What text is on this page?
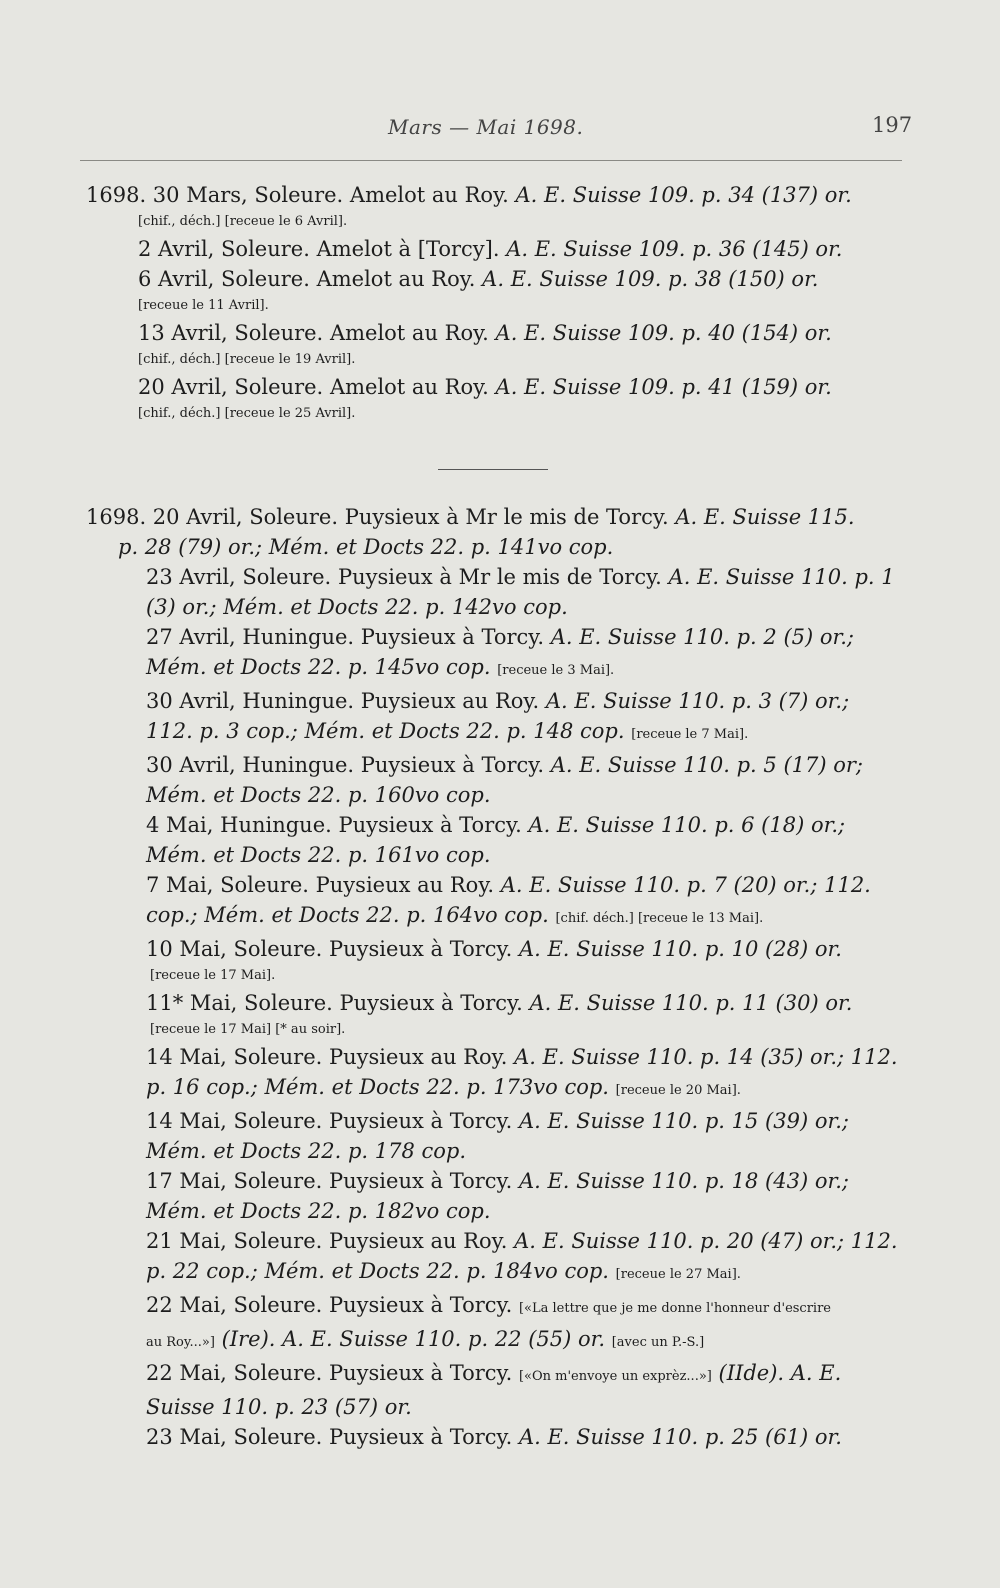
Mars — Mai 1698.	197
1698. 30 Mars, Soleure. Amelot au Roy. A. E. Suisse 109. p. 34 (137) or.
[chif., déch.] [receue le 6 Avril].
2 Avril, Soleure. Amelot à [Torcy]. A. E. Suisse 109. p. 36 (145) or.
6 Avril, Soleure. Amelot au Roy. A. E. Suisse 109. p. 38 (150) or.
[receue le 11 Avril].
13 Avril, Soleure. Amelot au Roy. A. E. Suisse 109. p. 40 (154) or.
[chif., déch.] [receue le 19 Avril].
20 Avril, Soleure. Amelot au Roy. A. E. Suisse 109. p. 41 (159) or.
[chif., déch.] [receue le 25 Avril].
1698. 20 Avril, Soleure. Puysieux à Mr le mis de Torcy. A. E. Suisse 115.
p. 28 (79) or.; Mém. et Docts 22. p. 141vo cop.
23 Avril, Soleure. Puysieux à Mr le mis de Torcy. A. E. Suisse 110. p. 1
(3) or.; Mém. et Docts 22. p. 142vo cop.
27 Avril, Huningue. Puysieux à Torcy. A. E. Suisse 110. p. 2 (5) or.;
Mém. et Docts 22. p. 145vo cop. [receue le 3 Mai].
30 Avril, Huningue. Puysieux au Roy. A. E. Suisse 110. p. 3 (7) or.;
112. p. 3 cop.; Mém. et Docts 22. p. 148 cop. [receue le 7 Mai].
30 Avril, Huningue. Puysieux à Torcy. A. E. Suisse 110. p. 5 (17) or;
Mém. et Docts 22. p. 160vo cop.
4 Mai, Huningue. Puysieux à Torcy. A. E. Suisse 110. p. 6 (18) or.;
Mém. et Docts 22. p. 161vo cop.
7 Mai, Soleure. Puysieux au Roy. A. E. Suisse 110. p. 7 (20) or.; 112.
cop.; Mém. et Docts 22. p. 164vo cop. [chif. déch.] [receue le 13 Mai].
10 Mai, Soleure. Puysieux à Torcy. A. E. Suisse 110. p. 10 (28) or.
[receue le 17 Mai].
11* Mai, Soleure. Puysieux à Torcy. A. E. Suisse 110. p. 11 (30) or.
[receue le 17 Mai] [* au soir].
14 Mai, Soleure. Puysieux au Roy. A. E. Suisse 110. p. 14 (35) or.; 112.
p. 16 cop.; Mém. et Docts 22. p. 173vo cop. [receue le 20 Mai].
14 Mai, Soleure. Puysieux à Torcy. A. E. Suisse 110. p. 15 (39) or.;
Mém. et Docts 22. p. 178 cop.
17 Mai, Soleure. Puysieux à Torcy. A. E. Suisse 110. p. 18 (43) or.;
Mém. et Docts 22. p. 182vo cop.
21 Mai, Soleure. Puysieux au Roy. A. E. Suisse 110. p. 20 (47) or.; 112.
p. 22 cop.; Mém. et Docts 22. p. 184vo cop. [receue le 27 Mai].
22 Mai, Soleure. Puysieux à Torcy. [«La lettre que je me donne l'honneur d'escrire
au Roy...»] (Ire). A. E. Suisse 110. p. 22 (55) or. [avec un P.-S.]
22 Mai, Soleure. Puysieux à Torcy. [«On m'envoye un exprèz...»] (IIde). A. E.
Suisse 110. p. 23 (57) or.
23 Mai, Soleure. Puysieux à Torcy. A. E. Suisse 110. p. 25 (61) or.
